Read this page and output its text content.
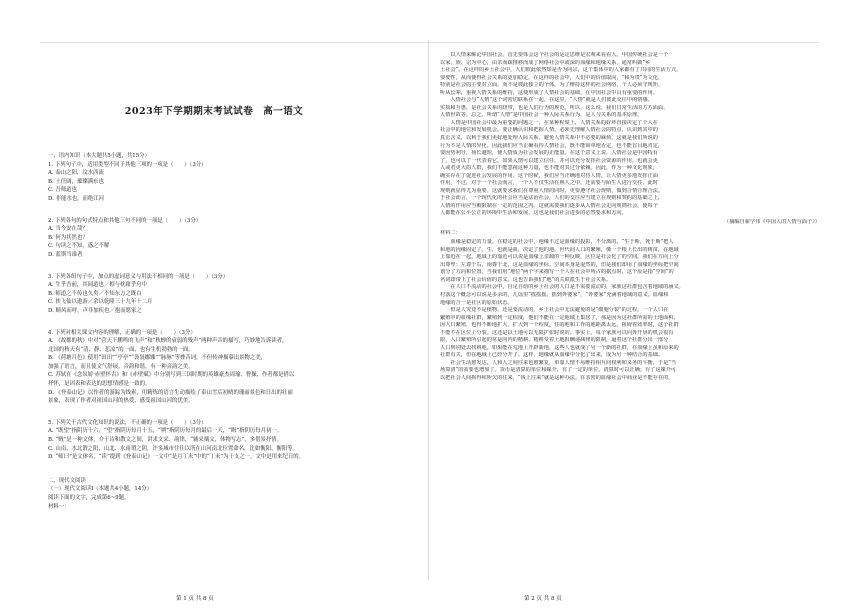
2023年下学期期末考试试卷　高一语文
一、语内知识（本大题共5小题，共15分）
1. 下列句子中，适用类型不同于其他三项的一项是（　　）（3分）
A. 泰山之阳，汶水西流
B. 土任阔，璀璨满东也
C. 吾师道也
D. 非能水也，而绝江河
2. 下列各句的句式特点和其他三句不同的一项是（　　）（3分）
A. 当今安在哉？
B. 何为其然也？
C. 句读之不知，惑之不解
D. 蓝斯当谁者
3. 下列各组句子中，加点的虚词意义与用法不相同的一项是（　　）（3分）
A. 生乎吾前，其闻道也／相与枕藉乎舟中
B. 师道之不传也久矣／不知东方之既白
C. 挟飞仙以遨游／余以乾隆三十九年十二月
D. 顺风而呼，声非加疾也／抱而愿家之
4. 下列对相关课文内容的理解，正确的一项是（　　）（3分）
A. 《故都的秋》中对“营天下鹏鸣的飞声”和“秋蝉的衰弱的残声”两种声音的描写，巧妙地告诉读者，
北国的秋天有“清、静、悲凉”的一面，也有生机勃勃的一面。
B. 《荷塘月色》使用“田田”“亭亭”“袅袅娜娜”“脉脉”等叠音词，不但传神描摹出景物之美，
加强了语言，而且使文气舒展，音韵和谐，有一种音韵之美。
C. 苏轼在《念奴娇·赤壁怀古》和《赤壁赋》中分别写到三国时期的英雄豪杰周瑜、曹操，作者都是借以
抒怀，是因表和表达的思想情感是一致的。
D. 《登泰山记》以作者的游踪为线索，用精炼的语言生动描绘了泰山雪后初晴的瑰丽景色和日出的壮丽
景象，表现了作者对祖国山河的热爱，感受祖国山河的优美。
5. 下列关于古代文化知识的说法，不正确的一项是（　　）（3分）
A. “既望”指阴历十六，“望”指阴历每月十五，“朔”指阴历每月的最后一天，“晦”指阴历每月初一。
B. “贼”是一种文体，介于诗和散文之间，讲求文采、韵律，“辅采摛文，体物写志”，多借景抒情。
C. 山南、水北谓之阳，山北、水南谓之阴，许多城市往往以所在山河南北位置命名，比如衡阳、衡阳等。
D. “师曰”是文体名，“谈”提到《登泰山记》一文中“是月丁未”中的“丁未”为干支之一，文中是用来纪日的。
二、现代文阅读
（一）现代文阅读Ⅰ（本题共4小题，14分）
阅读下面的文字，完成第6~9题。
材料一：
　　以人情来解论中国社会，首先要体会这个社会的运定思维是宏观来看看人。中国传统社会是一个
以家、族、宗为中心，由亲而疏推移而成了网络社会中或深的血缘和地缘关系，通常叫做“乡
土社会”。在这样的乡土社会中，人们彼此依然知是否为同宗，这个集体中的人家都有了共同的生活方式，
要要性，从而使得社会关系的更加稳定。在这样的社会中，人们中的价值取向，“和为贵”为文化，
特别是社会的主要对立面，而不是彼此独立的个体。为了维持这样的社会网络，个人必须守规矩、
听从长辈，重视人情关系的维持，这便形成了人情社会的基础，在中国社会中具有重要的作用。
　　人情社会与“人情”这个词密切联系在一起。在这里，“人情”就是人们彼此交往中的情感、
实质和互惠，是社会关系的纽带，也是人们行为的规范。所以，这么说，我们日常生活的方方面面，
人情世故等。总之，所谓“人情”是中国社会一种人际关系行为，是人与关系的基本原理。
　　人情是中国社会中最为重要的问题之一，在某种程度上，人情关系的好坏直接决定了个人在
社会中的地位和发展机会。要正确认识和把握人情，必须先理解人情社会的特点，认识到其中的
真正含义，以利于我们更好地处理人际关系，避免人情关系中不必要的麻烦，这就是我们所说的
行为不是人情的异化。因此我们应当正确看待人情社会，既不能简单地否定，也不能盲目地肯定，
要因势利导，扬长避短，使人情成为社会发展的正能量。在这个意义上说，人情社会是中国特有
了，也可以了一代表着它。如果人情可以建立信任，并可以充分发挥社会资源的作用，也就会更
人或者更大的人群，我们不能忽视这种力量，也不能对其过分依赖。因此，作为一种文化现象，
确实存在了促进社会发展的作用。这个时候，我们应当正确地对待人情，让人情更多地发挥正面
作用，不过，对于一个社会而言，一个人不仅生活在熟人之中，还需要与陌生人进行交往，此时
规则就显得尤为重要。这就要求我们在尊重人情的同时，更要遵守社会规则，做到合情合理合法。
于社会而言，一个现代化的社会应当是法治社会，人们的交往应当建立在规则和契约的基础之上，
人情的作用应当被限制在一定的范围之内。这就需要我们逐步从人情社会走向规则社会，使每个
人都能在公平公正的环境中生活和发展，这也是我们社会进步的必然要求和方向。
（摘编自翟学伟《中国人的人情与面子》）
材料二：
　　血缘是稳定的力量。在稳定的社会中，地缘不过是血缘的投影，不分离的。“生于斯，死于斯”把人
和地的因缘固定了。生，也就是血，决定了他的地。世代间人口的繁殖，像一个根上长出的树苗，在地域
上靠近在一起。地域上的靠近可以说是血缘上亲疏的一种反映，区位是社会化了的空间。我们在方向上分
出尊卑：左尊于右，南尊于北，这是血缘的坐标。空间本身是混然的，但是我们却用了血缘的坐标把空间
划分了方向和位置。当我们用“地位”两个字来描写一个人在社会中所占的据点时，这个原是指“空间”的
名词却带上了社会价值的意义。这也告诉我们“地”的关联派生于社会关系。
　　在人口不流动的社会中，自足自给的乡土社会的人口是不需要流动的，家族这社群包含着地域的涵义。
村落这个概念可以说是多余的，儿谣里“摇摇摇，摇到外婆家”，“外婆家”充满着地域的意义。血缘和
地缘的合一是社区的原始状态。
　　但是人究竟不是植物，还是要流动的。乡土社会中无法避免的是“细胞分裂”的过程，一个人口在
繁殖中的血缘社群，繁殖到一定程度，他们不能在一定地域上集居了，那是因为这社群所需的土地面积，
因人口繁殖，也得不断地扩大。扩大到一个程度，住的地和工作的地距离太远，阻碍着效率时，这个社群
不能不在区位上分裂。这还是以土地可以无限扩张时说的。事实上，每个家族可以向外开垦的机会很有
限，人口繁殖所引起的常是向内的精耕，精耕受着土地报酬递减律的限制，逼着这个社群分出一部分
人口到别处去找耕地。如果能在荒地上开辟新地，这些人也就成了另一个新的社群，在血缘上虽和原来的
社群有关，但在地域上已经分开了。这样，地缘就从血缘中分化了出来，成为另一种结合的基础。
　　社会生活愈发达，人和人之间往来也愈繁复，单靠人情不易维持相互间权利和义务的平衡，于是“当
场算清”的需要也增加了。货币是清算的单位和媒介，有了一定的单位，清算时可以正确；有了这媒介可
以把社会人间拘得和所欠的往来，“钱上往来”就是这种办法。在亲密的血缘社会中商业是不能存在的。
第 1 页 共 8 页	第 2 页 共 8 页
